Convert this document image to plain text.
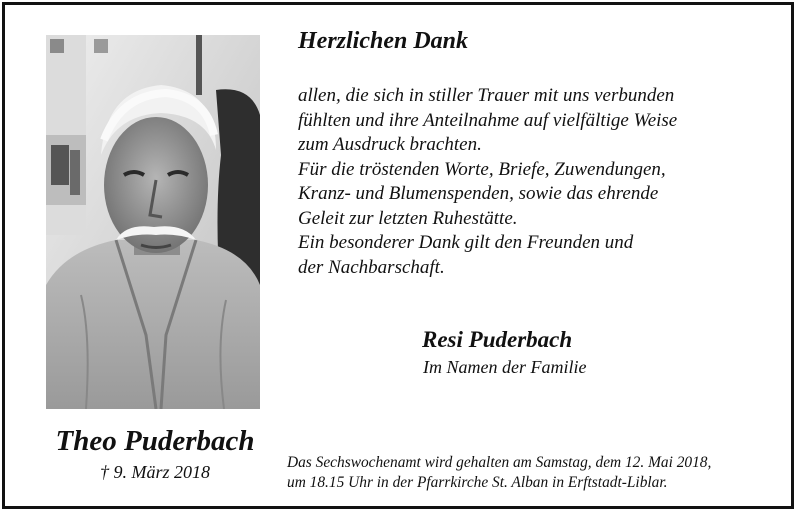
Herzlichen Dank
allen, die sich in stiller Trauer mit uns verbunden
fühlten und ihre Anteilnahme auf vielfältige Weise
zum Ausdruck brachten.
Für die tröstenden Worte, Briefe, Zuwendungen,
Kranz- und Blumenspenden, sowie das ehrende
Geleit zur letzten Ruhestätte.
Ein besonderer Dank gilt den Freunden und
der Nachbarschaft.
Resi Puderbach
Im Namen der Familie
Theo Puderbach
† 9. März 2018	Das Sechswochenamt wird gehalten am Samstag, dem 12. Mai 2018,
um 18.15 Uhr in der Pfarrkirche St. Alban in Erftstadt-Liblar.
